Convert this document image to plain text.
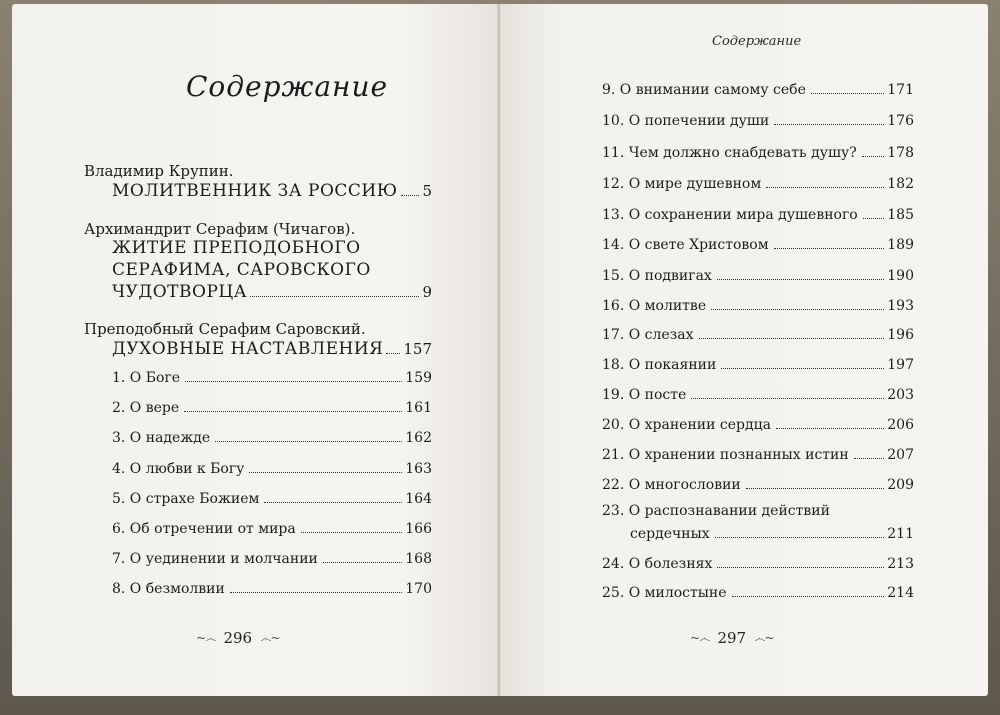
Содержание
Владимир Крупин.
МОЛИТВЕННИК ЗА РОССИЮ 5
Архимандрит Серафим (Чичагов).
ЖИТИЕ ПРЕПОДОБНОГО
СЕРАФИМА, САРОВСКОГО
ЧУДОТВОРЦА	9
Преподобный Серафим Саровский.
ДУХОВНЫЕ НАСТАВЛЕНИЯ 157
1. О Боге	159
2. О вере	161
3. О надежде	162
4. О любви к Богу	163
5. О страхе Божием	164
6. Об отречении от мира	166
7. О уединении и молчании	168
8. О безмолвии	170
~෴ 296 ෴~
Содержание
9. О внимании самому себе	171
10. О попечении души	176
11. Чем должно снабдевать душу? 178
12. О мире душевном	182
13. О сохранении мира душевного 185
14. О свете Христовом	189
15. О подвигах	190
16. О молитве	193
17. О слезах	196
18. О покаянии	197
19. О посте	203
20. О хранении сердца	206
21. О хранении познанных истин	207
22. О многословии	209
23. О распознавании действий
сердечных	211
24. О болезнях	213
25. О милостыне	214
~෴ 297 ෴~
